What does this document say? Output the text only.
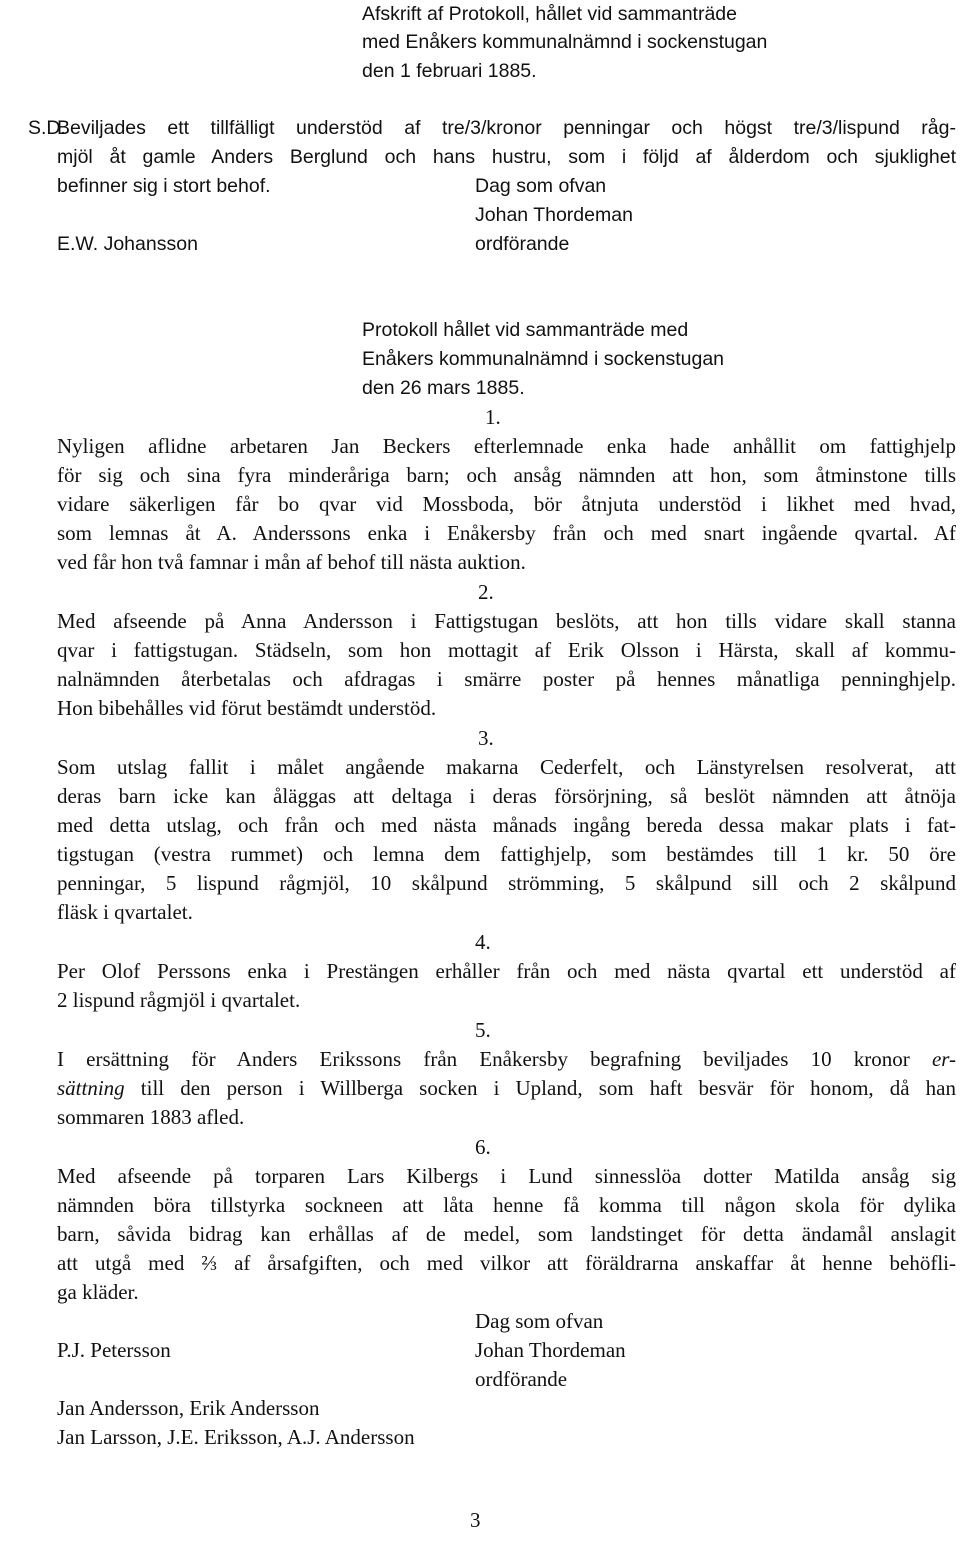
Afskrift af Protokoll, hållet vid sammanträde
med Enåkers kommunalnämnd i sockenstugan
den 1 februari 1885.
S.D.
Beviljades ett tillfälligt understöd af tre/3/kronor penningar och högst tre/3/lispund råg-
mjöl åt gamle Anders Berglund och hans hustru, som i följd af ålderdom och sjuklighet
befinner sig i stort behof.	Dag som ofvan
Johan Thordeman
E.W. Johansson	ordförande
Protokoll hållet vid sammanträde med
Enåkers kommunalnämnd i sockenstugan
den 26 mars 1885.
1.
Nyligen aflidne arbetaren Jan Beckers efterlemnade enka hade anhållit om fattighjelp
för sig och sina fyra minderåriga barn; och ansåg nämnden att hon, som åtminstone tills
vidare säkerligen får bo qvar vid Mossboda, bör åtnjuta understöd i likhet med hvad,
som lemnas åt A. Anderssons enka i Enåkersby från och med snart ingående qvartal. Af
ved får hon två famnar i mån af behof till nästa auktion.
2.
Med afseende på Anna Andersson i Fattigstugan beslöts, att hon tills vidare skall stanna
qvar i fattigstugan. Städseln, som hon mottagit af Erik Olsson i Härsta, skall af kommu-
nalnämnden återbetalas och afdragas i smärre poster på hennes månatliga penninghjelp.
Hon bibehålles vid förut bestämdt understöd.
3.
Som utslag fallit i målet angående makarna Cederfelt, och Länstyrelsen resolverat, att
deras barn icke kan åläggas att deltaga i deras försörjning, så beslöt nämnden att åtnöja
med detta utslag, och från och med nästa månads ingång bereda dessa makar plats i fat-
tigstugan (vestra rummet) och lemna dem fattighjelp, som bestämdes till 1 kr. 50 öre
penningar, 5 lispund rågmjöl, 10 skålpund strömming, 5 skålpund sill och 2 skålpund
fläsk i qvartalet.
4.
Per Olof Perssons enka i Prestängen erhåller från och med nästa qvartal ett understöd af
2 lispund rågmjöl i qvartalet.
5.
I ersättning för Anders Erikssons från Enåkersby begrafning beviljades 10 kronor er-
sättning till den person i Willberga socken i Upland, som haft besvär för honom, då han
sommaren 1883 afled.
6.
Med afseende på torparen Lars Kilbergs i Lund sinnesslöa dotter Matilda ansåg sig
nämnden böra tillstyrka sockneen att låta henne få komma till någon skola för dylika
barn, såvida bidrag kan erhållas af de medel, som landstinget för detta ändamål anslagit
att utgå med ⅔ af årsafgiften, och med vilkor att föräldrarna anskaffar åt henne behöfli-
ga kläder.
Dag som ofvan
P.J. Petersson	Johan Thordeman
ordförande
Jan Andersson, Erik Andersson
Jan Larsson, J.E. Eriksson, A.J. Andersson
3
